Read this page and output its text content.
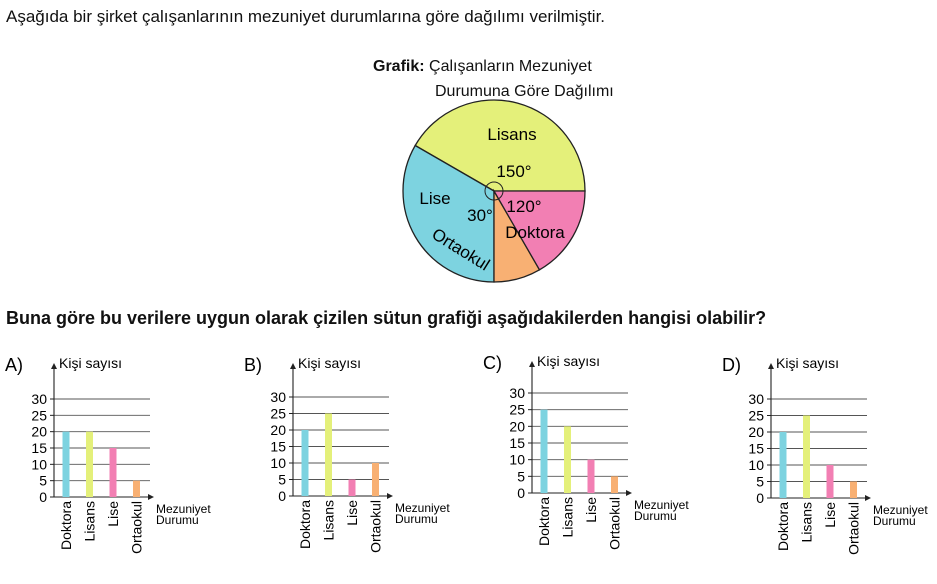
Aşağıda bir şirket çalışanlarının mezuniyet durumlarına göre dağılımı verilmiştir.
Grafik: Çalışanların Mezuniyet
Durumuna Göre Dağılımı
Buna göre bu verilere uygun olarak çizilen sütun grafiği aşağıdakilerden hangisi olabilir?
Lisans
150°
Doktora
120°
Ortaokul
30°
Lise
A)	Kişi sayısı
0
5
10
15
20
25
30
Mezuniyet
Durumu
Doktora Lisans Lise Ortaokul
B)	Kişi sayısı
0
5
10
15
20
25
30
Mezuniyet
Durumu
Doktora Lisans Lise Ortaokul
C)	Kişi sayısı
0
5
10
15
20
25
30
Mezuniyet
Durumu
Doktora Lisans Lise Ortaokul
D)	Kişi sayısı
0
5
10
15
20
25
30
Mezuniyet
Durumu
Doktora Lisans Lise Ortaokul
